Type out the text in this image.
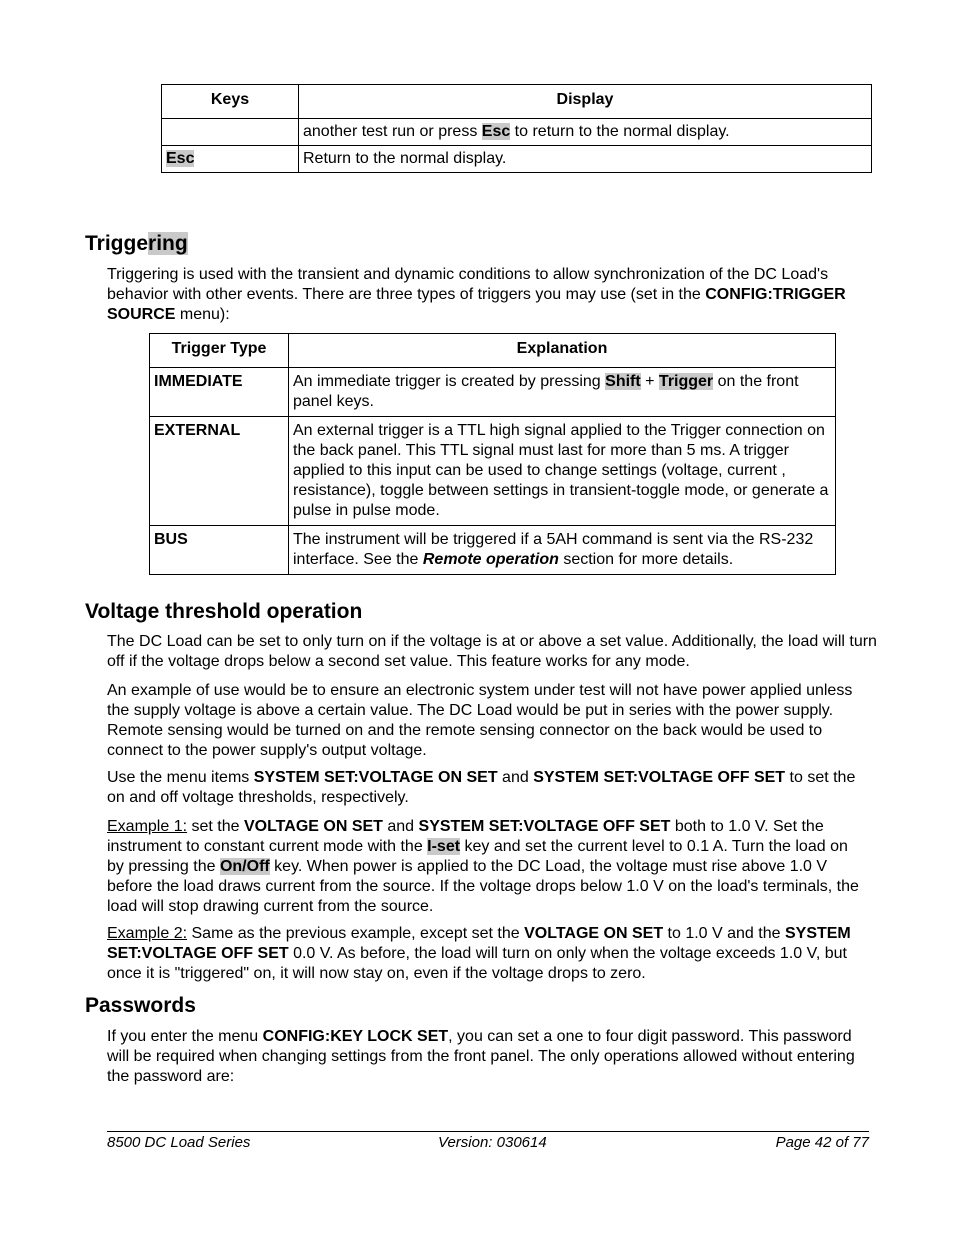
Keys	Display
	another test run or press Esc to return to the normal display.
Esc	Return to the normal display.
Triggering

Triggering is used with the transient and dynamic conditions to allow synchronization of the DC Load's behavior with other events. There are three types of triggers you may use (set in the CONFIG:TRIGGER SOURCE menu):

Trigger Type	Explanation
IMMEDIATE	An immediate trigger is created by pressing Shift + Trigger on the front panel keys.
EXTERNAL	An external trigger is a TTL high signal applied to the Trigger connection on the back panel. This TTL signal must last for more than 5 ms. A trigger applied to this input can be used to change settings (voltage, current , resistance), toggle between settings in transient-toggle mode, or generate a pulse in pulse mode.
BUS	The instrument will be triggered if a 5AH command is sent via the RS-232 interface. See the Remote operation section for more details.
Voltage threshold operation

The DC Load can be set to only turn on if the voltage is at or above a set value. Additionally, the load will turn off if the voltage drops below a second set value. This feature works for any mode.

An example of use would be to ensure an electronic system under test will not have power applied unless the supply voltage is above a certain value. The DC Load would be put in series with the power supply. Remote sensing would be turned on and the remote sensing connector on the back would be used to connect to the power supply's output voltage.

Use the menu items SYSTEM SET:VOLTAGE ON SET and SYSTEM SET:VOLTAGE OFF SET to set the on and off voltage thresholds, respectively.

Example 1: set the VOLTAGE ON SET and SYSTEM SET:VOLTAGE OFF SET both to 1.0 V. Set the instrument to constant current mode with the I-set key and set the current level to 0.1 A. Turn the load on by pressing the On/Off key. When power is applied to the DC Load, the voltage must rise above 1.0 V before the load draws current from the source. If the voltage drops below 1.0 V on the load's terminals, the load will stop drawing current from the source.

Example 2: Same as the previous example, except set the VOLTAGE ON SET to 1.0 V and the SYSTEM SET:VOLTAGE OFF SET 0.0 V. As before, the load will turn on only when the voltage exceeds 1.0 V, but once it is "triggered" on, it will now stay on, even if the voltage drops to zero.

Passwords

If you enter the menu CONFIG:KEY LOCK SET, you can set a one to four digit password. This password will be required when changing settings from the front panel. The only operations allowed without entering the password are:

8500 DC Load Series	Version: 030614	Page 42 of 77
